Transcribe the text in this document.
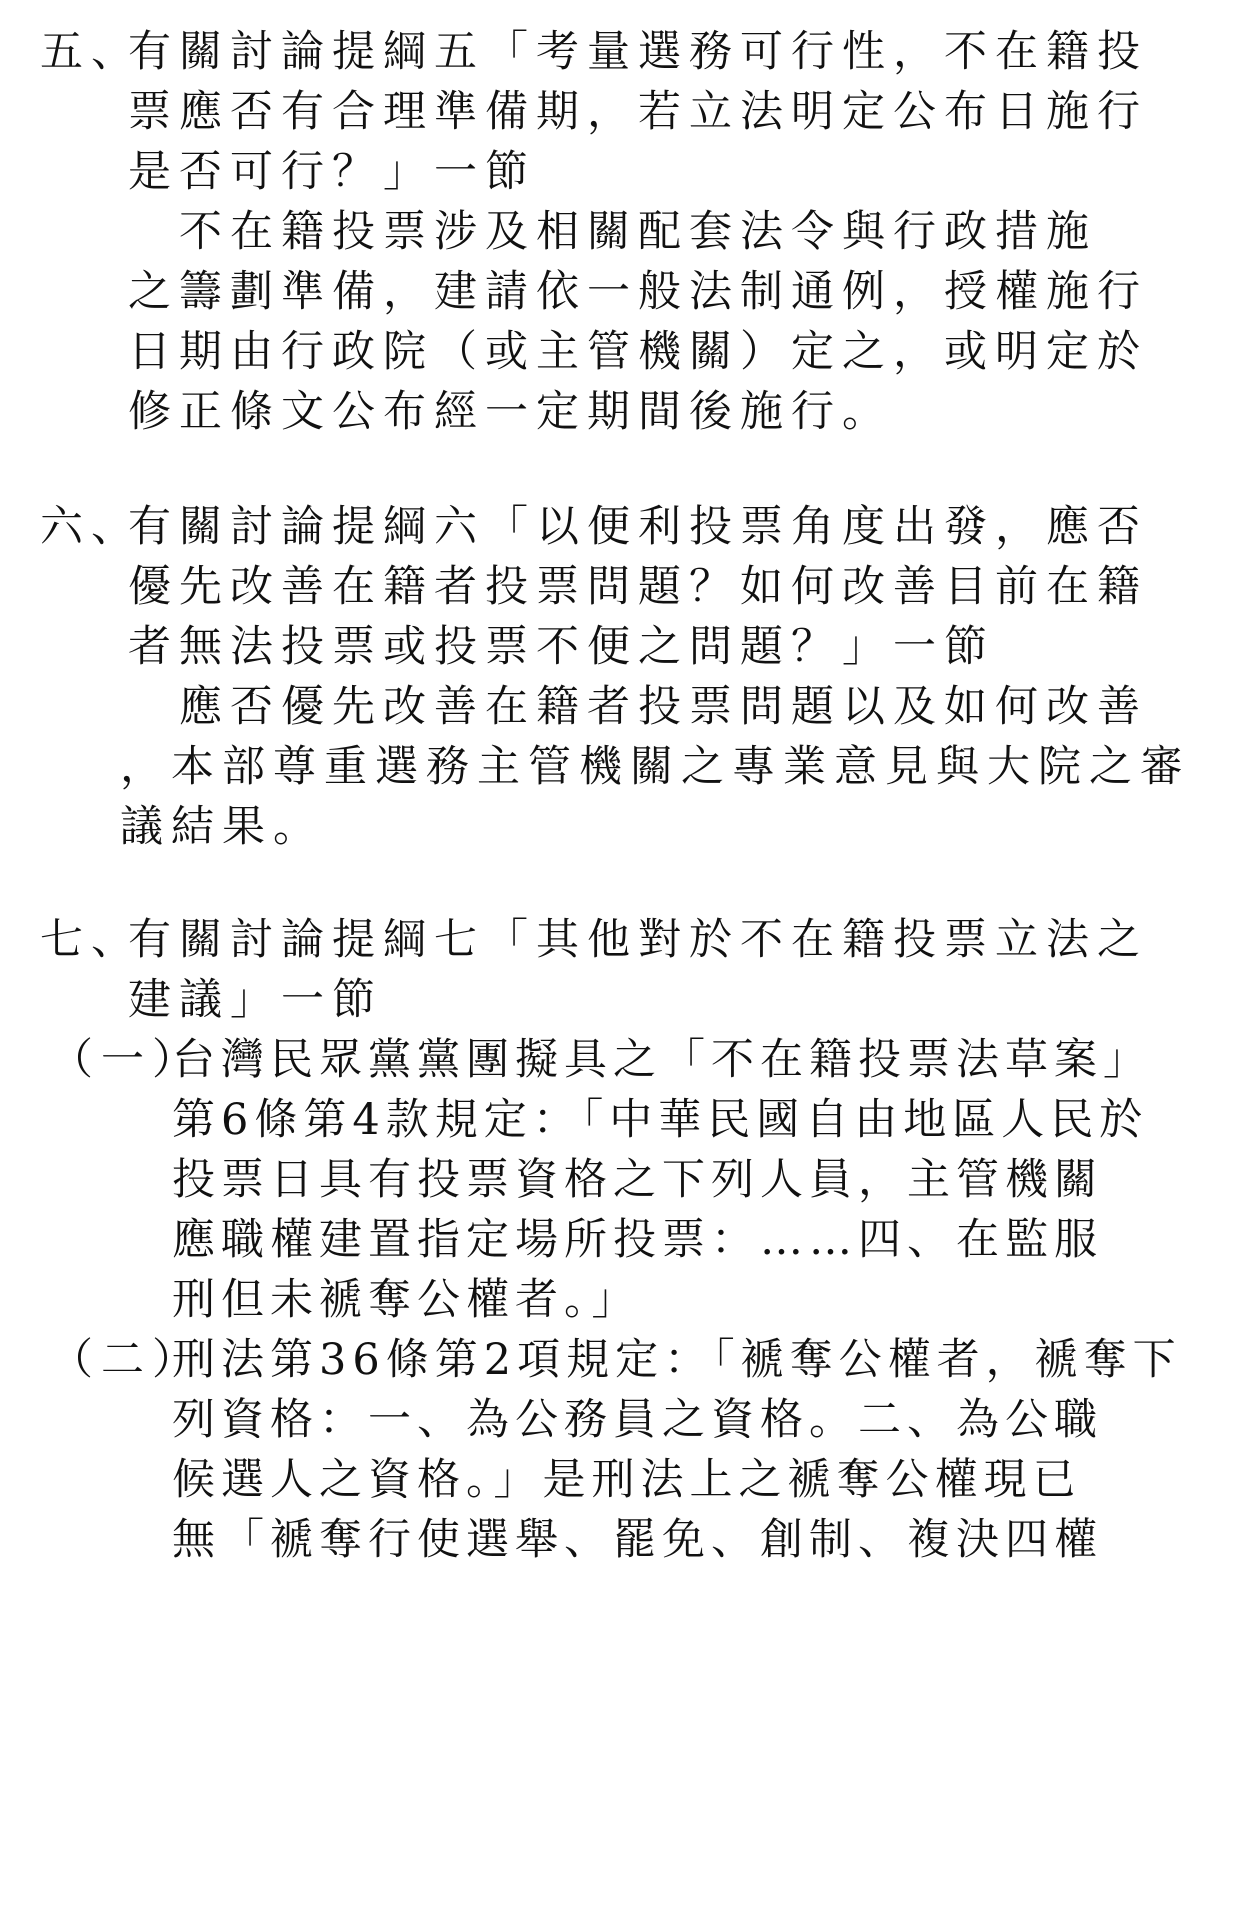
五、
有關討論提綱五「考量選務可行性，不在籍投
票應否有合理準備期，若立法明定公布日施行
是否可行？」一節
　不在籍投票涉及相關配套法令與行政措施
之籌劃準備，建請依一般法制通例，授權施行
日期由行政院（或主管機關）定之，或明定於
修正條文公布經一定期間後施行。
六、
有關討論提綱六「以便利投票角度出發，應否
優先改善在籍者投票問題？如何改善目前在籍
者無法投票或投票不便之問題？」一節
　應否優先改善在籍者投票問題以及如何改善
，本部尊重選務主管機關之專業意見與大院之審
議結果。
七、
有關討論提綱七「其他對於不在籍投票立法之
建議」一節
（一）
台灣民眾黨黨團擬具之「不在籍投票法草案」
第6條第4款規定：「中華民國自由地區人民於
投票日具有投票資格之下列人員，主管機關
應職權建置指定場所投票：……四、在監服
刑但未褫奪公權者。」
（二）
刑法第36條第2項規定：「褫奪公權者，褫奪下
列資格：一、為公務員之資格。二、為公職
候選人之資格。」是刑法上之褫奪公權現已
無「褫奪行使選舉、罷免、創制、複決四權
